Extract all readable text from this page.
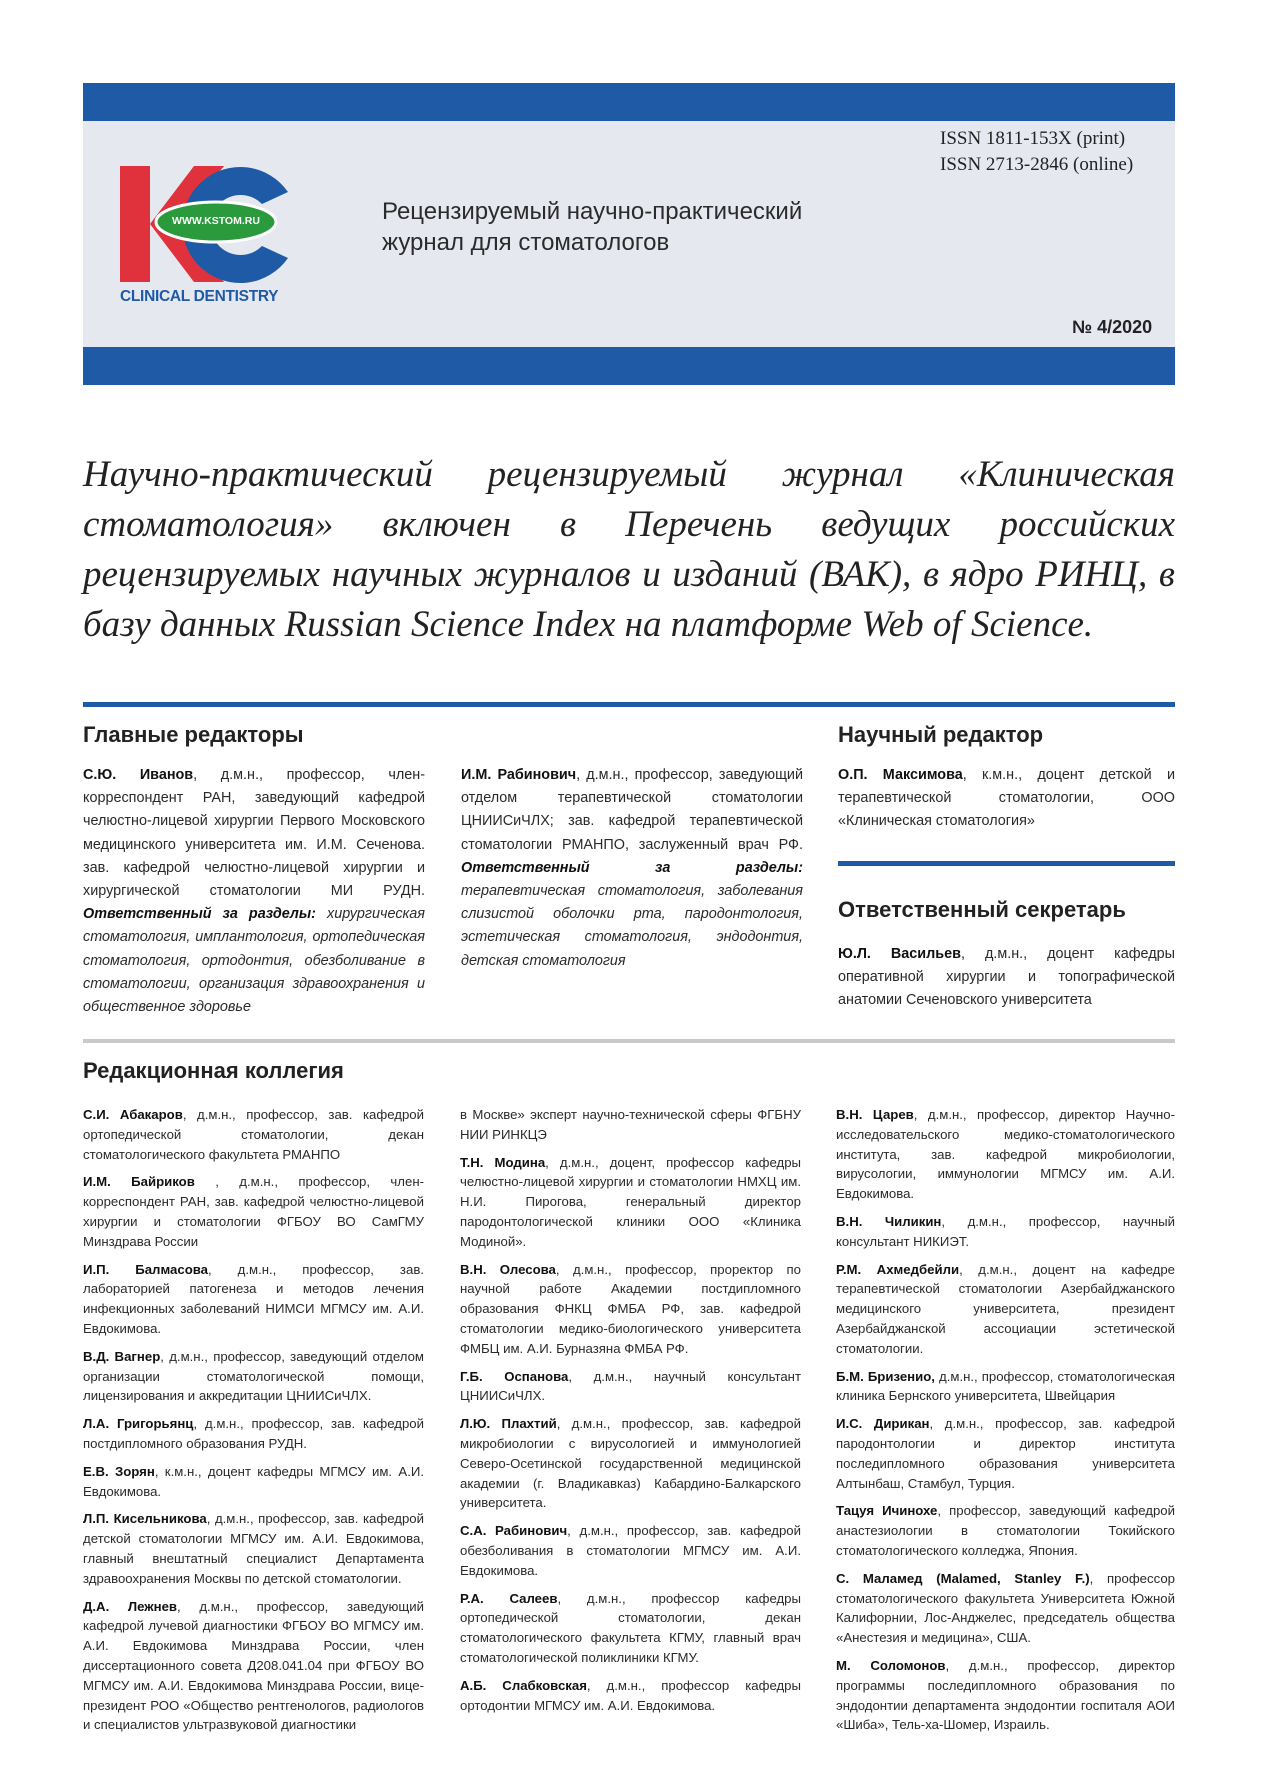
WWW.KSTOM.RU
CLINICAL DENTISTRY
Рецензируемый научно-практический
журнал для стоматологов
ISSN 1811-153X (print)
ISSN 2713-2846 (online)
№ 4/2020
Научно-практический рецензируемый журнал «Клиническая стоматология» включен в Перечень ведущих российских рецензируемых научных журналов и изданий (ВАК), в ядро РИНЦ, в базу данных Russian Science Index на платформе Web of Science.
Главные редакторы

С.Ю. Иванов, д.м.н., профессор, член-корреспондент РАН, заведующий кафедрой челюстно-лицевой хирургии Первого Московского медицинского университета им. И.М. Сеченова. зав. кафедрой челюстно-лицевой хирургии и хирургической стоматологии МИ РУДН. Ответственный за разделы: хирургическая стоматология, имплантология, ортопедическая стоматология, ортодонтия, обезболивание в стоматологии, организация здравоохранения и общественное здоровье

И.М. Рабинович, д.м.н., профессор, заведующий отделом терапевтической стоматологии ЦНИИСиЧЛХ; зав. кафедрой терапевтической стоматологии РМАНПО, заслуженный врач РФ. Ответственный за разделы: терапевтическая стоматология, заболевания слизистой оболочки рта, пародонтология, эстетическая стоматология, эндодонтия, детская стоматология

Научный редактор

О.П. Максимова, к.м.н., доцент детской и терапевтической стоматологии, ООО «Клиническая стоматология»

Ответственный секретарь

Ю.Л. Васильев, д.м.н., доцент кафедры оперативной хирургии и топографической анатомии Сеченовского университета

Редакционная коллегия

С.И. Абакаров, д.м.н., профессор, зав. кафедрой ортопедической стоматологии, декан стоматологического факультета РМАНПО

И.М. Байриков , д.м.н., профессор, член-корреспондент РАН, зав. кафедрой челюстно-лицевой хирургии и стоматологии ФГБОУ ВО СамГМУ Минздрава России

И.П. Балмасова, д.м.н., профессор, зав. лабораторией патогенеза и методов лечения инфекционных заболеваний НИМСИ МГМСУ им. А.И. Евдокимова.

В.Д. Вагнер, д.м.н., профессор, заведующий отделом организации стоматологической помощи, лицензирования и аккредитации ЦНИИСиЧЛХ.

Л.А. Григорьянц, д.м.н., профессор, зав. кафедрой постдипломного образования РУДН.

Е.В. Зорян, к.м.н., доцент кафедры МГМСУ им. А.И. Евдокимова.

Л.П. Кисельникова, д.м.н., профессор, зав. кафедрой детской стоматологии МГМСУ им. А.И. Евдокимова, главный внештатный специалист Департамента здравоохранения Москвы по детской стоматологии.

Д.А. Лежнев, д.м.н., профессор, заведующий кафедрой лучевой диагностики ФГБОУ ВО МГМСУ им. А.И. Евдокимова Минздрава России, член диссертационного совета Д208.041.04 при ФГБОУ ВО МГМСУ им. А.И. Евдокимова Минздрава России, вице-президент РОО «Общество рентгенологов, радиологов и специалистов ультразвуковой диагностики

в Москве» эксперт научно-технической сферы ФГБНУ НИИ РИНКЦЭ

Т.Н. Модина, д.м.н., доцент, профессор кафедры челюстно-лицевой хирургии и стоматологии НМХЦ им. Н.И. Пирогова, генеральный директор пародонтологической клиники ООО «Клиника Модиной».

В.Н. Олесова, д.м.н., профессор, проректор по научной работе Академии постдипломного образования ФНКЦ ФМБА РФ, зав. кафедрой стоматологии медико-биологического университета ФМБЦ им. А.И. Бурназяна ФМБА РФ.

Г.Б. Оспанова, д.м.н., научный консультант ЦНИИСиЧЛХ.

Л.Ю. Плахтий, д.м.н., профессор, зав. кафедрой микробиологии с вирусологией и иммунологией Северо-Осетинской государственной медицинской академии (г. Владикавказ) Кабардино-Балкарского университета.

С.А. Рабинович, д.м.н., профессор, зав. кафедрой обезболивания в стоматологии МГМСУ им. А.И. Евдокимова.

Р.А. Салеев, д.м.н., профессор кафедры ортопедической стоматологии, декан стоматологического факультета КГМУ, главный врач стоматологической поликлиники КГМУ.

А.Б. Слабковская, д.м.н., профессор кафедры ортодонтии МГМСУ им. А.И. Евдокимова.

В.Н. Царев, д.м.н., профессор, директор Научно-исследовательского медико-стоматологического института, зав. кафедрой микробиологии, вирусологии, иммунологии МГМСУ им. А.И. Евдокимова.

В.Н. Чиликин, д.м.н., профессор, научный консультант НИКИЭТ.

Р.М. Ахмедбейли, д.м.н., доцент на кафедре терапевтической стоматологии Азербайджанского медицинского университета, президент Азербайджанской ассоциации эстетической стоматологии.

Б.М. Бризенио, д.м.н., профессор, стоматологическая клиника Бернского университета, Швейцария

И.С. Дирикан, д.м.н., профессор, зав. кафедрой пародонтологии и директор института последипломного образования университета Алтынбаш, Стамбул, Турция.

Тацуя Ичинохе, профессор, заведующий кафедрой анастезиологии в стоматологии Токийского стоматологического колледжа, Япония.

С. Маламед (Malamed, Stanley F.), профессор стоматологического факультета Университета Южной Калифорнии, Лос-Анджелес, председатель общества «Анестезия и медицина», США.

М. Соломонов, д.м.н., профессор, директор программы последипломного образования по эндодонтии департамента эндодонтии госпиталя АОИ «Шиба», Тель-ха-Шомер, Израиль.
